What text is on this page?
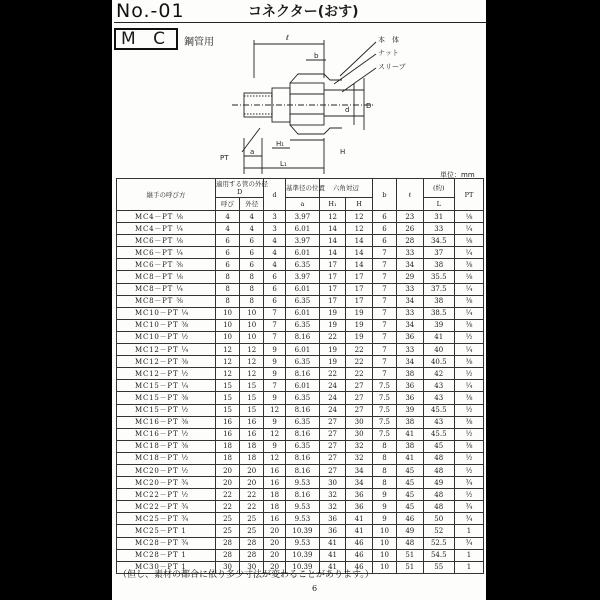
No.-01	コネクター(おす)
M C	鋼管用	ℓ
b
本　体
ナット
スリーブ
d D
PT
a
H₁
H
L₁
単位：mm
継手の呼び方	適用する管の外径
D		d	基準径の位置	六角対辺		b	ℓ	(約)	PT
	呼び	外径		a	H₁	H			L	
MC4－PT ⅛	4	4	3	3.97	12	12	6	23	31	⅛
MC4－PT ¼	4	4	3	6.01	14	12	6	26	33	¼
MC6－PT ⅛	6	6	4	3.97	14	14	6	28	34.5	⅛
MC6－PT ¼	6	6	4	6.01	14	14	7	33	37	¼
MC6－PT ⅜	6	6	4	6.35	17	14	7	34	38	⅜
MC8－PT ⅛	8	8	6	3.97	17	17	7	29	35.5	⅛
MC8－PT ¼	8	8	6	6.01	17	17	7	33	37.5	¼
MC8－PT ⅜	8	8	6	6.35	17	17	7	34	38	⅜
MC10－PT ¼	10	10	7	6.01	19	19	7	33	38.5	¼
MC10－PT ⅜	10	10	7	6.35	19	19	7	34	39	⅜
MC10－PT ½	10	10	7	8.16	22	19	7	36	41	½
MC12－PT ¼	12	12	9	6.01	19	22	7	33	40	¼
MC12－PT ⅜	12	12	9	6.35	19	22	7	34	40.5	⅜
MC12－PT ½	12	12	9	8.16	22	22	7	38	42	½
MC15－PT ¼	15	15	7	6.01	24	27	7.5	36	43	¼
MC15－PT ⅜	15	15	9	6.35	24	27	7.5	36	43	⅜
MC15－PT ½	15	15	12	8.16	24	27	7.5	39	45.5	½
MC16－PT ⅜	16	16	9	6.35	27	30	7.5	38	43	⅜
MC16－PT ½	16	16	12	8.16	27	30	7.5	41	45.5	½
MC18－PT ⅜	18	18	9	6.35	27	32	8	38	45	⅜
MC18－PT ½	18	18	12	8.16	27	32	8	41	48	½
MC20－PT ½	20	20	16	8.16	27	34	8	45	48	½
MC20－PT ¾	20	20	16	9.53	30	34	8	45	49	¾
MC22－PT ½	22	22	18	8.16	32	36	9	45	48	½
MC22－PT ¾	22	22	18	9.53	32	36	9	45	48	¾
MC25－PT ¾	25	25	16	9.53	36	41	9	46	50	¾
MC25－PT 1	25	25	20	10.39	36	41	10	49	52	1
MC28－PT ¾	28	28	20	9.53	41	46	10	48	52.5	¾
MC28－PT 1	28	28	20	10.39	41	46	10	51	54.5	1
MC30－PT 1	30	30	20	10.39	41	46	10	51	55	1
（但し、素材の都合に依り多少寸法が変わることがあります。）
6
